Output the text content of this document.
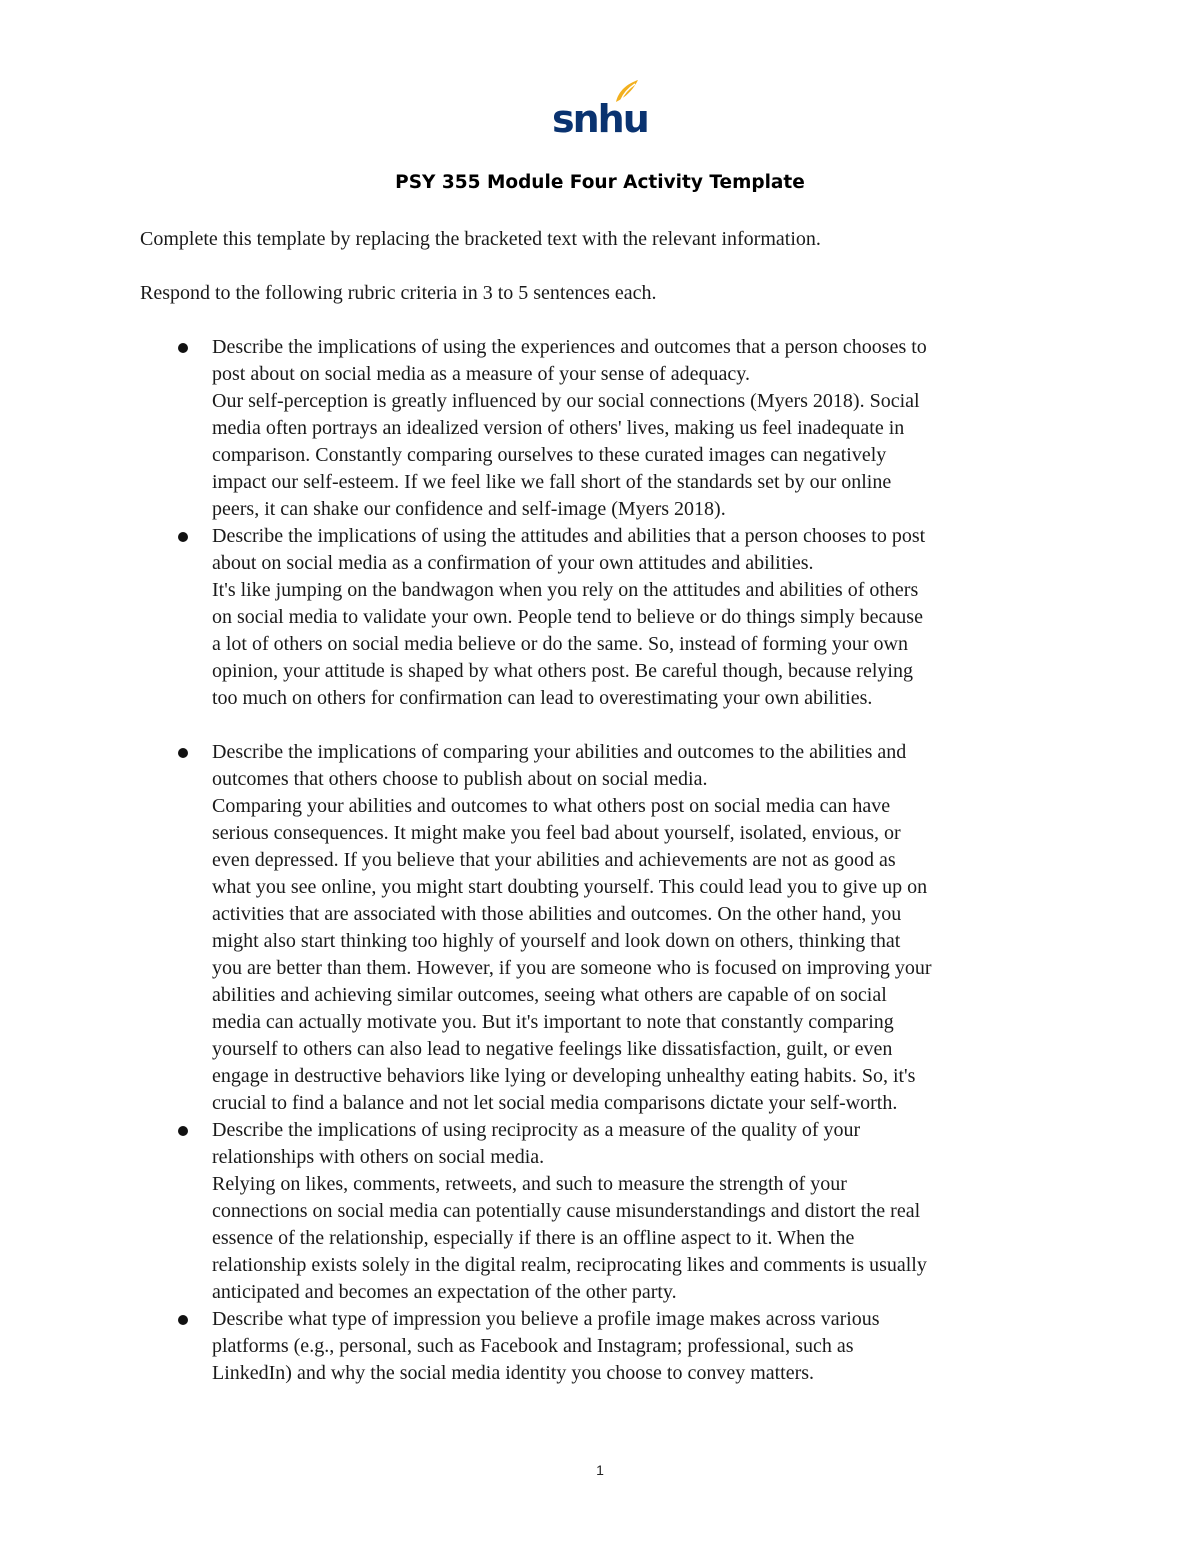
snhu
PSY 355 Module Four Activity Template
Complete this template by replacing the bracketed text with the relevant information.
Respond to the following rubric criteria in 3 to 5 sentences each.
Describe the implications of using the experiences and outcomes that a person chooses to
post about on social media as a measure of your sense of adequacy.
Our self-perception is greatly influenced by our social connections (Myers 2018). Social
media often portrays an idealized version of others' lives, making us feel inadequate in
comparison. Constantly comparing ourselves to these curated images can negatively
impact our self-esteem. If we feel like we fall short of the standards set by our online
peers, it can shake our confidence and self-image (Myers 2018).
Describe the implications of using the attitudes and abilities that a person chooses to post
about on social media as a confirmation of your own attitudes and abilities.
It's like jumping on the bandwagon when you rely on the attitudes and abilities of others
on social media to validate your own. People tend to believe or do things simply because
a lot of others on social media believe or do the same. So, instead of forming your own
opinion, your attitude is shaped by what others post. Be careful though, because relying
too much on others for confirmation can lead to overestimating your own abilities.
Describe the implications of comparing your abilities and outcomes to the abilities and
outcomes that others choose to publish about on social media.
Comparing your abilities and outcomes to what others post on social media can have
serious consequences. It might make you feel bad about yourself, isolated, envious, or
even depressed. If you believe that your abilities and achievements are not as good as
what you see online, you might start doubting yourself. This could lead you to give up on
activities that are associated with those abilities and outcomes. On the other hand, you
might also start thinking too highly of yourself and look down on others, thinking that
you are better than them. However, if you are someone who is focused on improving your
abilities and achieving similar outcomes, seeing what others are capable of on social
media can actually motivate you. But it's important to note that constantly comparing
yourself to others can also lead to negative feelings like dissatisfaction, guilt, or even
engage in destructive behaviors like lying or developing unhealthy eating habits. So, it's
crucial to find a balance and not let social media comparisons dictate your self-worth.
Describe the implications of using reciprocity as a measure of the quality of your
relationships with others on social media.
Relying on likes, comments, retweets, and such to measure the strength of your
connections on social media can potentially cause misunderstandings and distort the real
essence of the relationship, especially if there is an offline aspect to it. When the
relationship exists solely in the digital realm, reciprocating likes and comments is usually
anticipated and becomes an expectation of the other party.
Describe what type of impression you believe a profile image makes across various
platforms (e.g., personal, such as Facebook and Instagram; professional, such as
LinkedIn) and why the social media identity you choose to convey matters.
1
